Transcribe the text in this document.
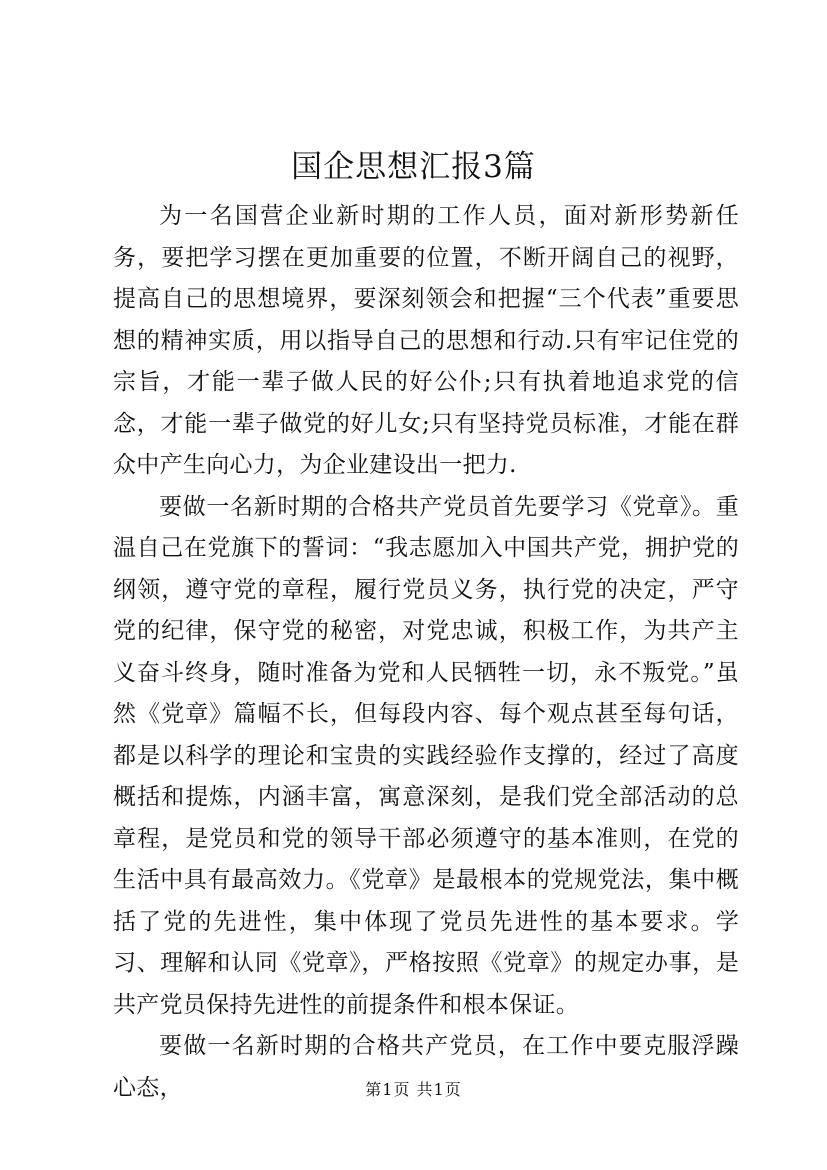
国企思想汇报3篇

为一名国营企业新时期的工作人员，面对新形势新任务，要把学习摆在更加重要的位置，不断开阔自己的视野，提高自己的思想境界，要深刻领会和把握“三个代表”重要思想的精神实质，用以指导自己的思想和行动.只有牢记住党的宗旨，才能一辈子做人民的好公仆;只有执着地追求党的信念，才能一辈子做党的好儿女;只有坚持党员标准，才能在群众中产生向心力，为企业建设出一把力.

要做一名新时期的合格共产党员首先要学习《党章》。重温自己在党旗下的誓词：“我志愿加入中国共产党，拥护党的纲领，遵守党的章程，履行党员义务，执行党的决定，严守党的纪律，保守党的秘密，对党忠诚，积极工作，为共产主义奋斗终身，随时准备为党和人民牺牲一切，永不叛党。”虽然《党章》篇幅不长，但每段内容、每个观点甚至每句话，都是以科学的理论和宝贵的实践经验作支撑的，经过了高度概括和提炼，内涵丰富，寓意深刻，是我们党全部活动的总章程，是党员和党的领导干部必须遵守的基本准则，在党的生活中具有最高效力。《党章》是最根本的党规党法，集中概括了党的先进性，集中体现了党员先进性的基本要求。学习、理解和认同《党章》，严格按照《党章》的规定办事，是共产党员保持先进性的前提条件和根本保证。

要做一名新时期的合格共产党员，在工作中要克服浮躁心态，	第1页 共1页
